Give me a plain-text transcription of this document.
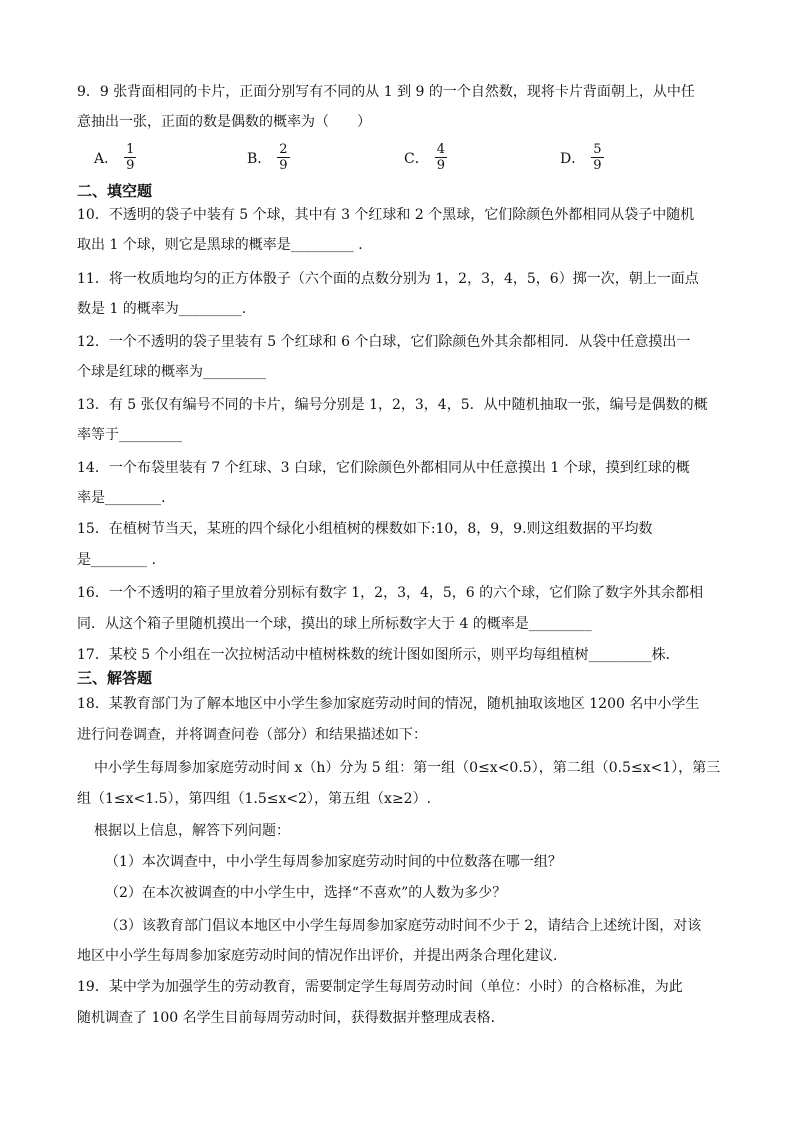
9．9 张背面相同的卡片，正面分别写有不同的从 1 到 9 的一个自然数，现将卡片背面朝上，从中任
意抽出一张，正面的数是偶数的概率为（　　）
A． $\frac{1}{9}$	B． $\frac{2}{9}$	C． $\frac{4}{9}$	D． $\frac{5}{9}$
二、填空题
10．不透明的袋子中装有 5 个球，其中有 3 个红球和 2 个黑球，它们除颜色外都相同从袋子中随机
取出 1 个球，则它是黑球的概率是_________ .
11．将一枚质地均匀的正方体骰子（六个面的点数分别为 1，2，3，4，5，6）掷一次，朝上一面点
数是 1 的概率为_________.
12．一个不透明的袋子里装有 5 个红球和 6 个白球，它们除颜色外其余都相同．从袋中任意摸出一
个球是红球的概率为_________
13．有 5 张仅有编号不同的卡片，编号分别是 1，2，3，4，5．从中随机抽取一张，编号是偶数的概
率等于_________
14．一个布袋里装有 7 个红球、3 白球，它们除颜色外都相同从中任意摸出 1 个球，摸到红球的概
率是________.
15．在植树节当天，某班的四个绿化小组植树的棵数如下:10，8，9，9.则这组数据的平均数
是________ .
16．一个不透明的箱子里放着分别标有数字 1，2，3，4，5，6 的六个球，它们除了数字外其余都相
同．从这个箱子里随机摸出一个球，摸出的球上所标数字大于 4 的概率是_________
17．某校 5 个小组在一次拉树活动中植树株数的统计图如图所示，则平均每组植树_________株．
三、解答题
18．某教育部门为了解本地区中小学生参加家庭劳动时间的情况，随机抽取该地区 1200 名中小学生
进行问卷调查，并将调查问卷（部分）和结果描述如下：
中小学生每周参加家庭劳动时间 x（h）分为 5 组：第一组（0≤x<0.5），第二组（0.5≤x<1），第三
组（1≤x<1.5），第四组（1.5≤x<2），第五组（x≥2）.
根据以上信息，解答下列问题：
（1）本次调查中，中小学生每周参加家庭劳动时间的中位数落在哪一组？
（2）在本次被调查的中小学生中，选择“不喜欢”的人数为多少？
（3）该教育部门倡议本地区中小学生每周参加家庭劳动时间不少于 2，请结合上述统计图，对该
地区中小学生每周参加家庭劳动时间的情况作出评价，并提出两条合理化建议．
19．某中学为加强学生的劳动教育，需要制定学生每周劳动时间（单位：小时）的合格标准，为此
随机调查了 100 名学生目前每周劳动时间，获得数据并整理成表格．
